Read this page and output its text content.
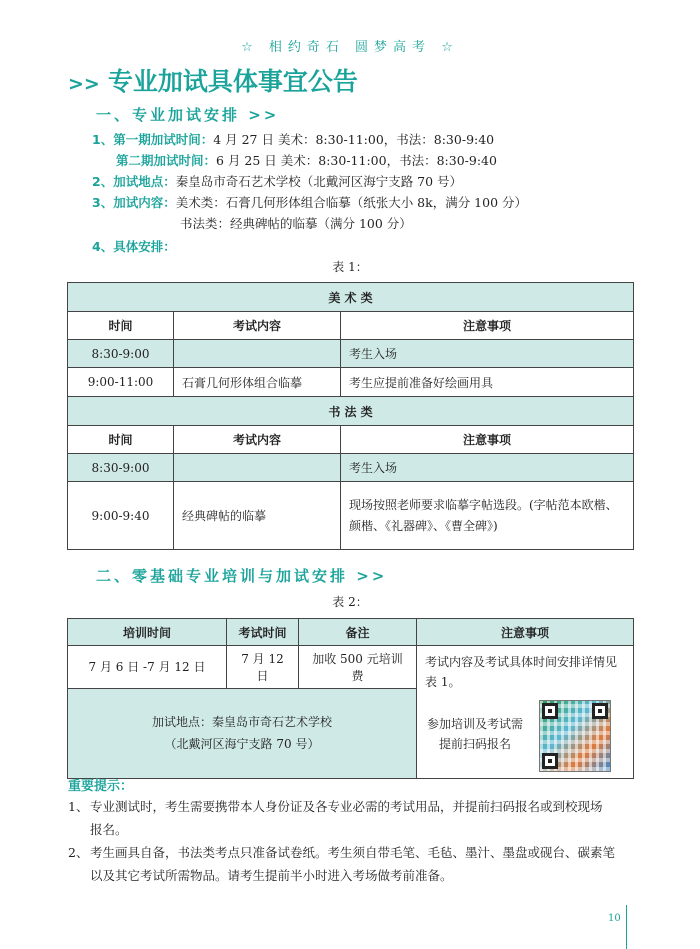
☆ 相约奇石 圆梦高考 ☆
>> 专业加试具体事宜公告
一、专业加试安排 >>
1、第一期加试时间：4 月 27 日 美术：8:30-11:00，书法：8:30-9:40
第二期加试时间：6 月 25 日 美术：8:30-11:00，书法：8:30-9:40
2、加试地点：秦皇岛市奇石艺术学校（北戴河区海宁支路 70 号）
3、加试内容：美术类：石膏几何形体组合临摹（纸张大小 8k，满分 100 分）
书法类：经典碑帖的临摹（满分 100 分）
4、具体安排：
表 1：
美 术 类		
时间	考试内容	注意事项
8:30-9:00		考生入场
9:00-11:00	石膏几何形体组合临摹	考生应提前准备好绘画用具
书 法 类		
时间	考试内容	注意事项
8:30-9:00		考生入场
9:00-9:40	经典碑帖的临摹	现场按照老师要求临摹字帖选段。(字帖范本欧楷、颜楷、《礼器碑》、《曹全碑》)
二、零基础专业培训与加试安排 >>
表 2：
培训时间	考试时间	备注	注意事项
7 月 6 日 -7 月 12 日	7 月 12 日	加收 500 元培训费	考试内容及考试具体时间安排详情见表 1。
参加培训及考试需提前扫码报名

加试地点：秦皇岛市奇石艺术学校
（北戴河区海宁支路 70 号）			
重要提示：
1、 专业测试时，考生需要携带本人身份证及各专业必需的考试用品，并提前扫码报名或到校现场
报名。
2、 考生画具自备，书法类考点只准备试卷纸。考生须自带毛笔、毛毡、墨汁、墨盘或砚台、碳素笔
以及其它考试所需物品。请考生提前半小时进入考场做考前准备。
10
